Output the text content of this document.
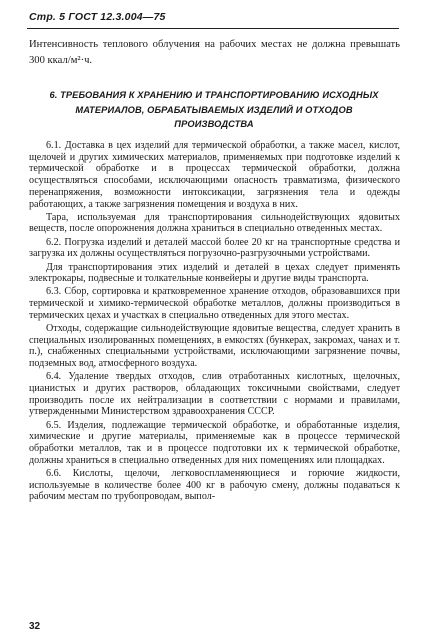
Стр. 5 ГОСТ 12.3.004—75

Интенсивность теплового облучения на рабочих местах не должна превышать 300 ккал/м²·ч.

6. ТРЕБОВАНИЯ К ХРАНЕНИЮ И ТРАНСПОРТИРОВАНИЮ ИСХОДНЫХ МАТЕРИАЛОВ, ОБРАБАТЫВАЕМЫХ ИЗДЕЛИЙ И ОТХОДОВ ПРОИЗВОДСТВА

6.1. Доставка в цех изделий для термической обработки, а также масел, кислот, щелочей и других химических материалов, применяемых при подготовке изделий к термической обработке и в процессах термической обработки, должна осуществляться способами, исключающими опасность травматизма, физического перенапряжения, возможности интоксикации, загрязнения тела и одежды работающих, а также загрязнения помещения и воздуха в них.

Тара, используемая для транспортирования сильнодействующих ядовитых веществ, после опорожнения должна храниться в специально отведенных местах.

6.2. Погрузка изделий и деталей массой более 20 кг на транспортные средства и загрузка их должны осуществляться погрузочно-разгрузочными устройствами.

Для транспортирования этих изделий и деталей в цехах следует применять электрокары, подвесные и толкательные конвейеры и другие виды транспорта.

6.3. Сбор, сортировка и кратковременное хранение отходов, образовавшихся при термической и химико-термической обработке металлов, должны производиться в термических цехах и участках в специально отведенных для этого местах.

Отходы, содержащие сильнодействующие ядовитые вещества, следует хранить в специальных изолированных помещениях, в емкостях (бункерах, закромах, чанах и т. п.), снабженных специальными устройствами, исключающими загрязнение почвы, подземных вод, атмосферного воздуха.

6.4. Удаление твердых отходов, слив отработанных кислотных, щелочных, цианистых и других растворов, обладающих токсичными свойствами, следует производить после их нейтрализации в соответствии с нормами и правилами, утвержденными Министерством здравоохранения СССР.

6.5. Изделия, подлежащие термической обработке, и обработанные изделия, химические и другие материалы, применяемые как в процессе термической обработки металлов, так и в процессе подготовки их к термической обработке, должны храниться в специально отведенных для них помещениях или площадках.

6.6. Кислоты, щелочи, легковоспламеняющиеся и горючие жидкости, используемые в количестве более 400 кг в рабочую смену, должны подаваться к рабочим местам по трубопроводам, выпол-

32
